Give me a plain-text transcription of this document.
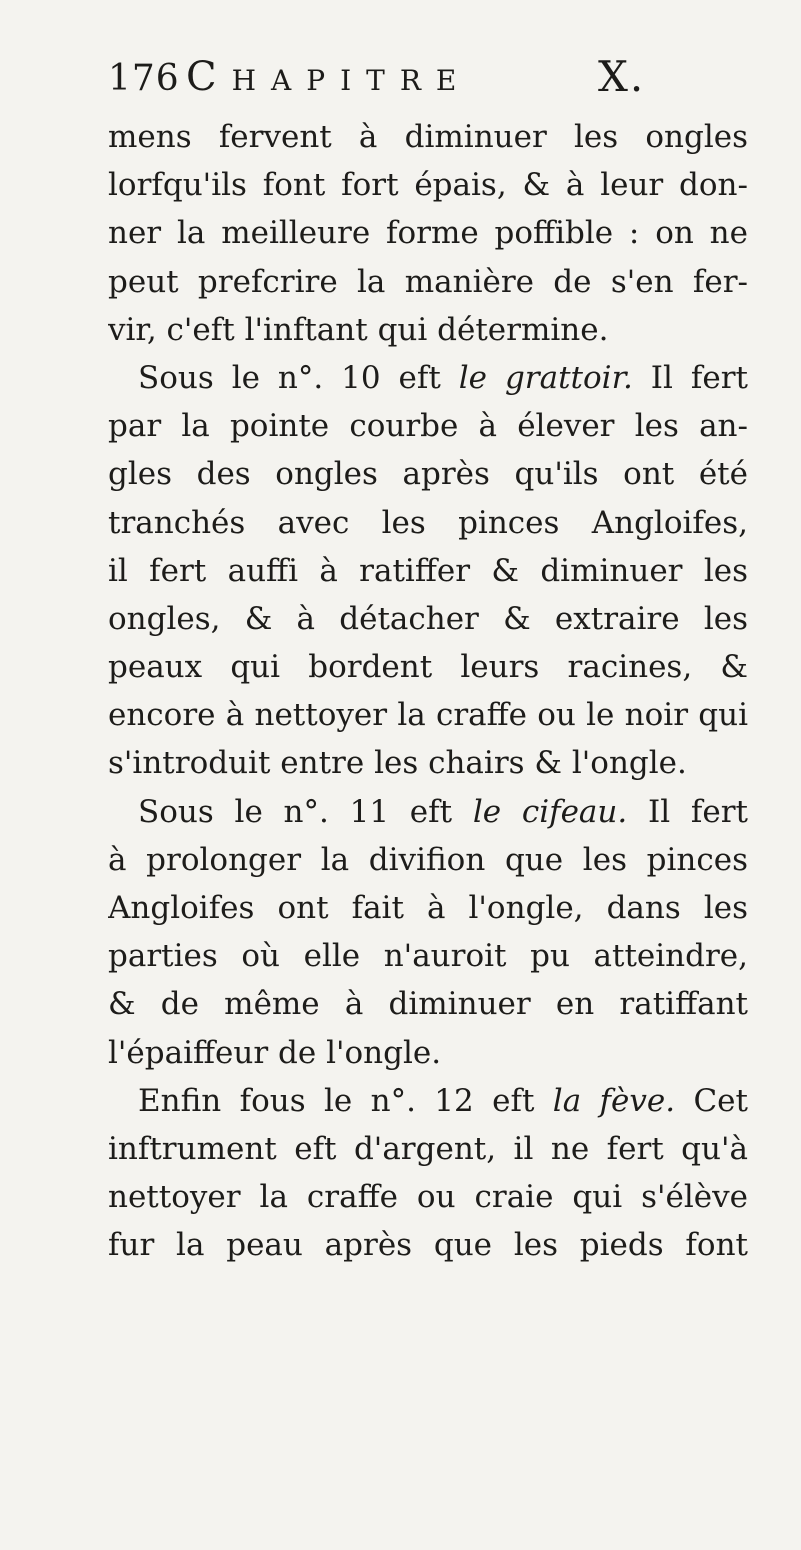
176 Chapitre	X.
mens fervent à diminuer les ongles
lorfqu'ils font fort épais, & à leur don-
ner la meilleure forme poffible : on ne
peut prefcrire la manière de s'en fer-
vir, c'eft l'inftant qui détermine.
Sous le n°. 10 eft le grattoir. Il fert
par la pointe courbe à élever les an-
gles des ongles après qu'ils ont été
tranchés avec les pinces Angloifes,
il fert auffi à ratiffer & diminuer les
ongles, & à détacher & extraire les
peaux qui bordent leurs racines, &
encore à nettoyer la craffe ou le noir qui
s'introduit entre les chairs & l'ongle.
Sous le n°. 11 eft le cifeau. Il fert
à prolonger la divifion que les pinces
Angloifes ont fait à l'ongle, dans les
parties où elle n'auroit pu atteindre,
& de même à diminuer en ratiffant
l'épaiffeur de l'ongle.
Enfin fous le n°. 12 eft la fève. Cet
inftrument eft d'argent, il ne fert qu'à
nettoyer la craffe ou craie qui s'élève
fur la peau après que les pieds font
